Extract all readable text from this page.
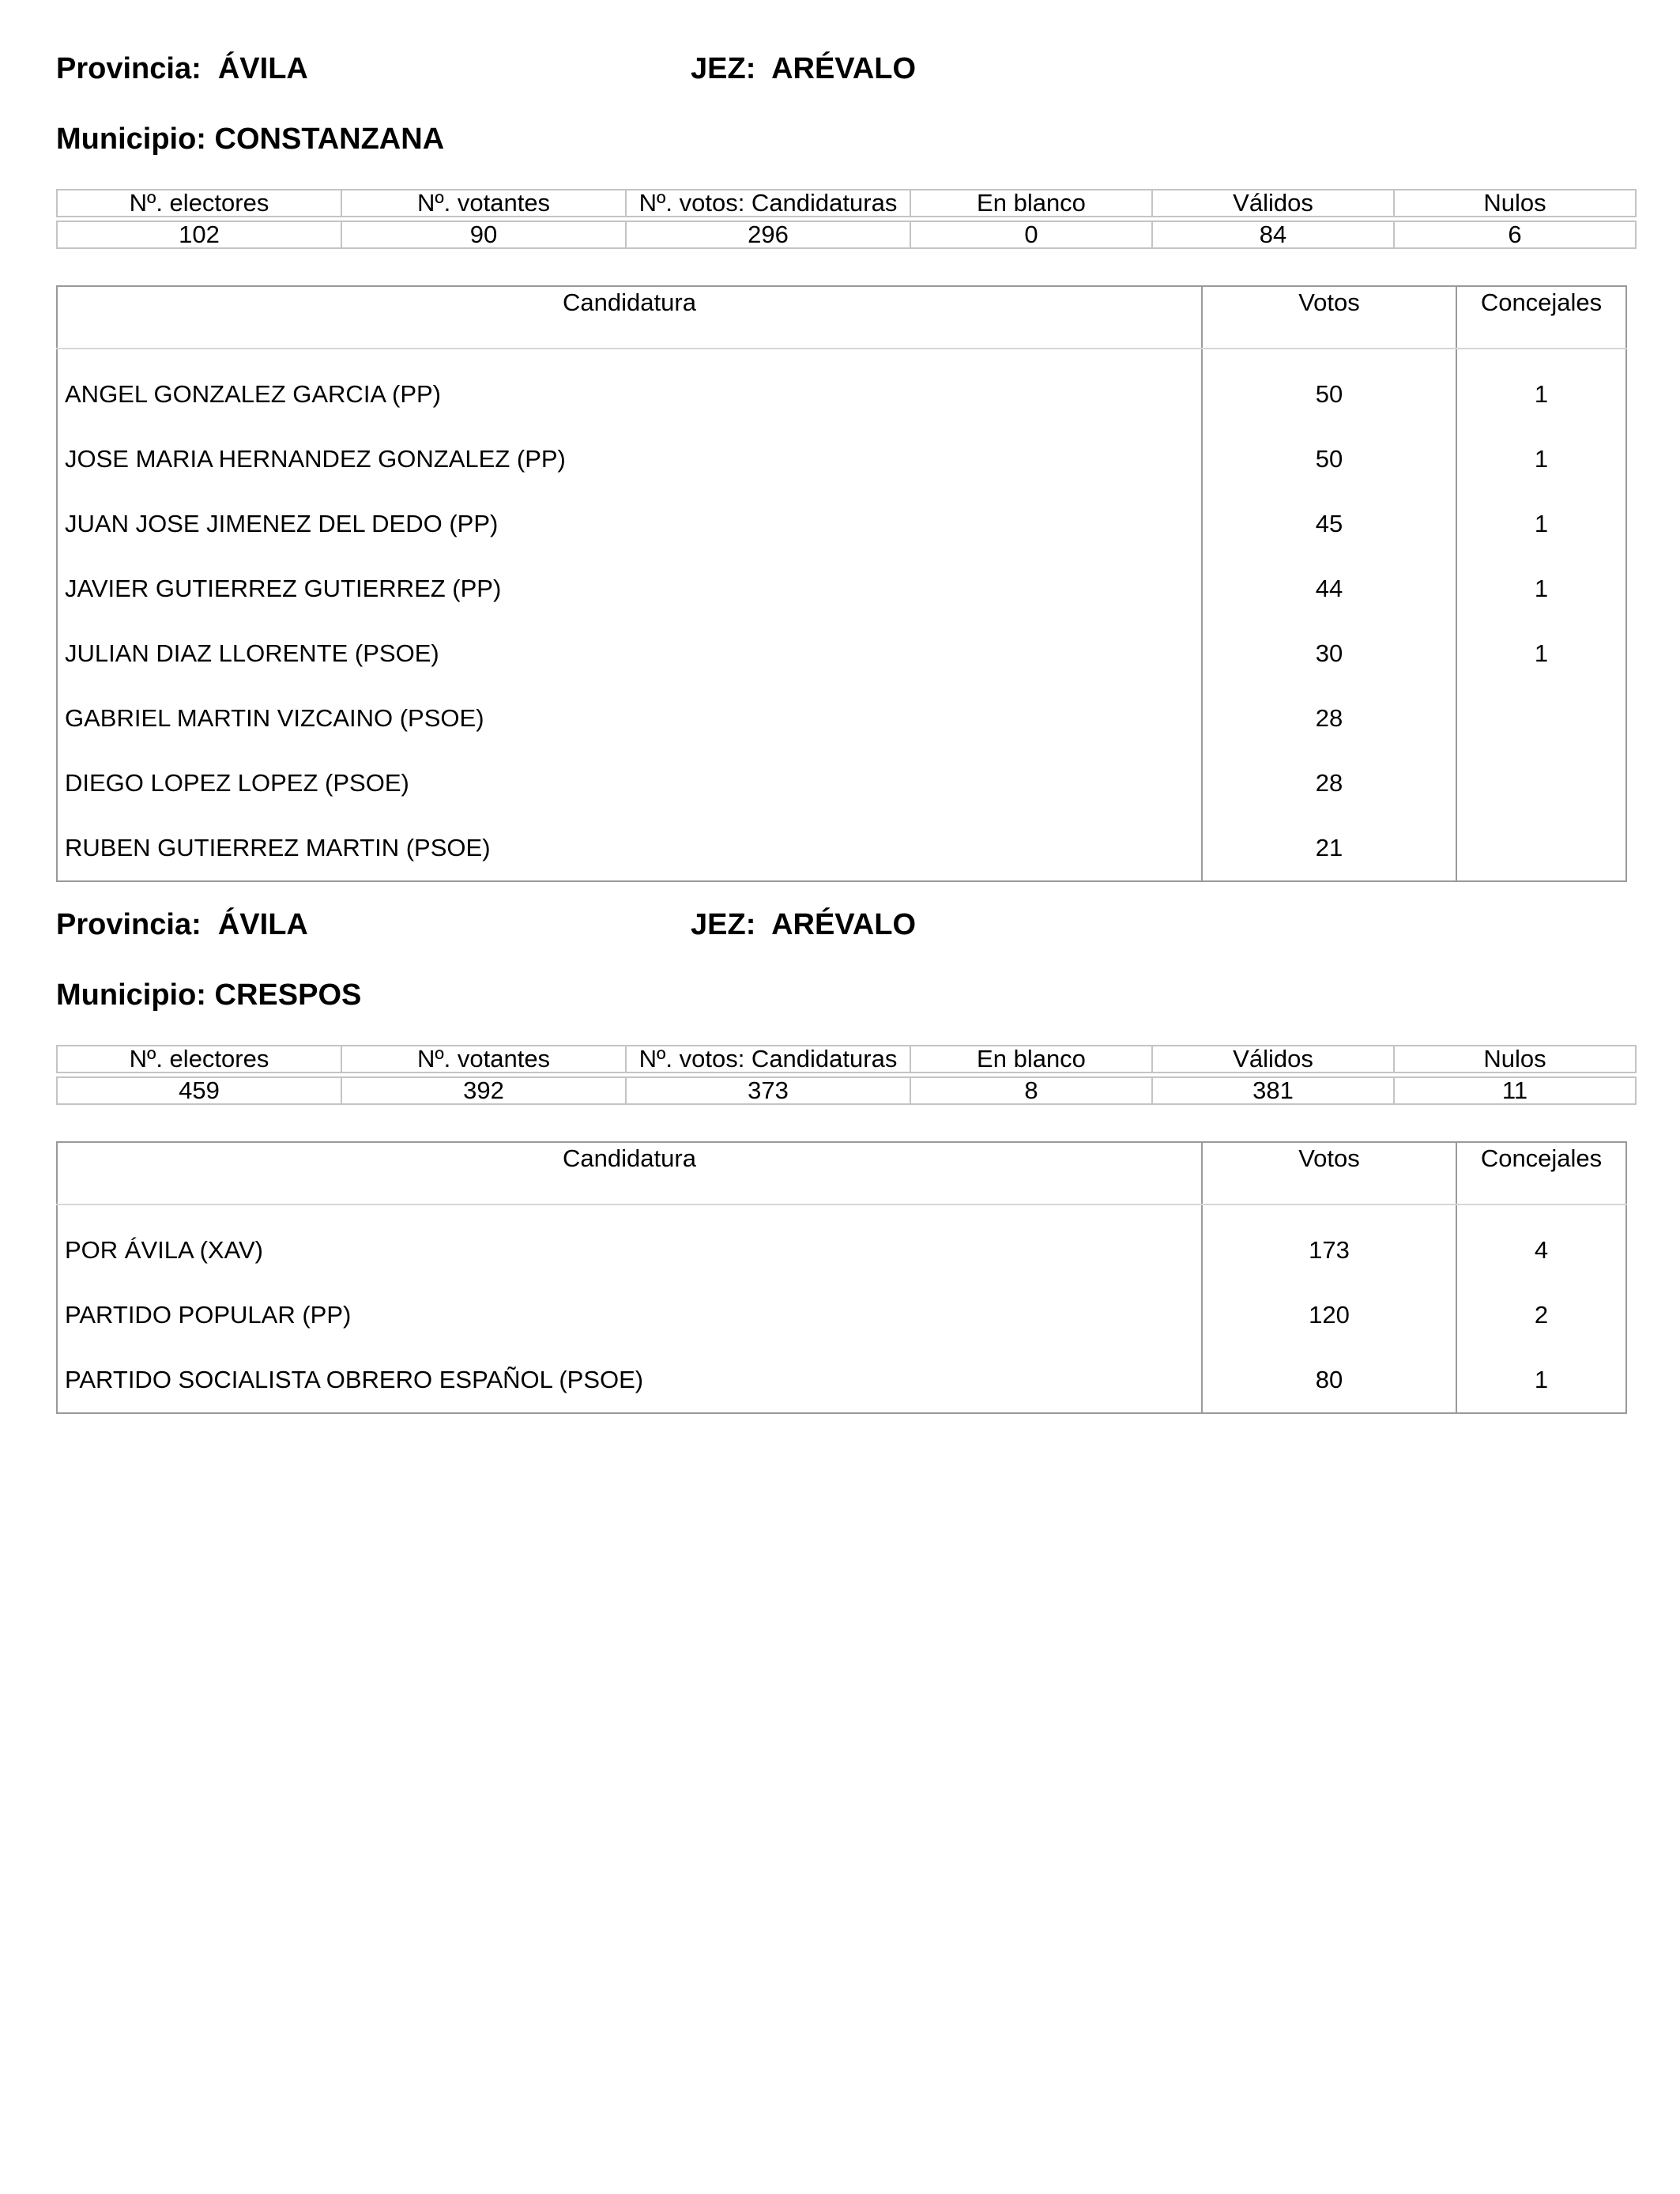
Provincia: ÁVILA	JEZ: ARÉVALO
Municipio: CONSTANZANA
Nº. electores	Nº. votantes	Nº. votos: Candidaturas	En blanco	Válidos	Nulos

102	90	296	0	84	6
Candidatura	Votos	Concejales
ANGEL GONZALEZ GARCIA (PP)	50	1
JOSE MARIA HERNANDEZ GONZALEZ (PP)	50	1
JUAN JOSE JIMENEZ DEL DEDO (PP)	45	1
JAVIER GUTIERREZ GUTIERREZ (PP)	44	1
JULIAN DIAZ LLORENTE (PSOE)	30	1
GABRIEL MARTIN VIZCAINO (PSOE)	28	
DIEGO LOPEZ LOPEZ (PSOE)	28	
RUBEN GUTIERREZ MARTIN (PSOE)	21	
Provincia: ÁVILA	JEZ: ARÉVALO
Municipio: CRESPOS
Nº. electores	Nº. votantes	Nº. votos: Candidaturas	En blanco	Válidos	Nulos

459	392	373	8	381	11
Candidatura	Votos	Concejales
POR ÁVILA (XAV)	173	4
PARTIDO POPULAR (PP)	120	2
PARTIDO SOCIALISTA OBRERO ESPAÑOL (PSOE)	80	1
